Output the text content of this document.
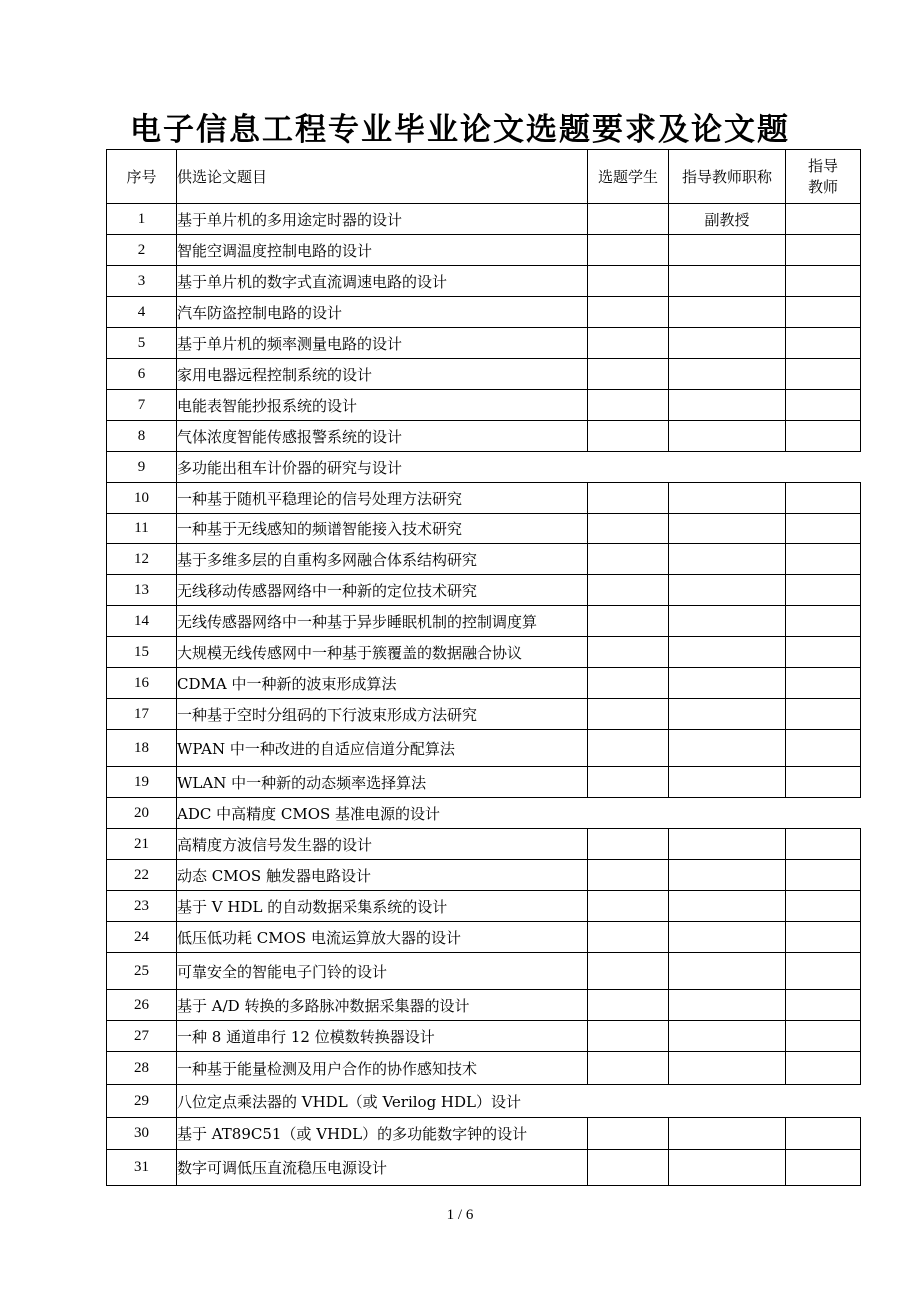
电子信息工程专业毕业论文选题要求及论文题
序号	供选论文题目	选题学生	指导教师职称	指导教师

1	基于单片机的多用途定时器的设计		副教授	
2	智能空调温度控制电路的设计			
3	基于单片机的数字式直流调速电路的设计			
4	汽车防盗控制电路的设计			
5	基于单片机的频率测量电路的设计			
6	家用电器远程控制系统的设计			
7	电能表智能抄报系统的设计			
8	气体浓度智能传感报警系统的设计			
9	多功能出租车计价器的研究与设计			
10	一种基于随机平稳理论的信号处理方法研究			
11	一种基于无线感知的频谱智能接入技术研究			
12	基于多维多层的自重构多网融合体系结构研究			
13	无线移动传感器网络中一种新的定位技术研究			
14	无线传感器网络中一种基于异步睡眠机制的控制调度算			
15	大规模无线传感网中一种基于簇覆盖的数据融合协议			
16	CDMA 中一种新的波束形成算法			
17	一种基于空时分组码的下行波束形成方法研究			
18	WPAN 中一种改进的自适应信道分配算法			
19	WLAN 中一种新的动态频率选择算法			
20	ADC 中高精度 CMOS 基准电源的设计			
21	高精度方波信号发生器的设计			
22	动态 CMOS 触发器电路设计			
23	基于 V HDL 的自动数据采集系统的设计			
24	低压低功耗 CMOS 电流运算放大器的设计			
25	可靠安全的智能电子门铃的设计			
26	基于 A/D 转换的多路脉冲数据采集器的设计			
27	一种 8 通道串行 12 位模数转换器设计			
28	一种基于能量检测及用户合作的协作感知技术			
29	八位定点乘法器的 VHDL（或 Verilog HDL）设计			
30	基于 AT89C51（或 VHDL）的多功能数字钟的设计			
31	数字可调低压直流稳压电源设计			
1 / 6
